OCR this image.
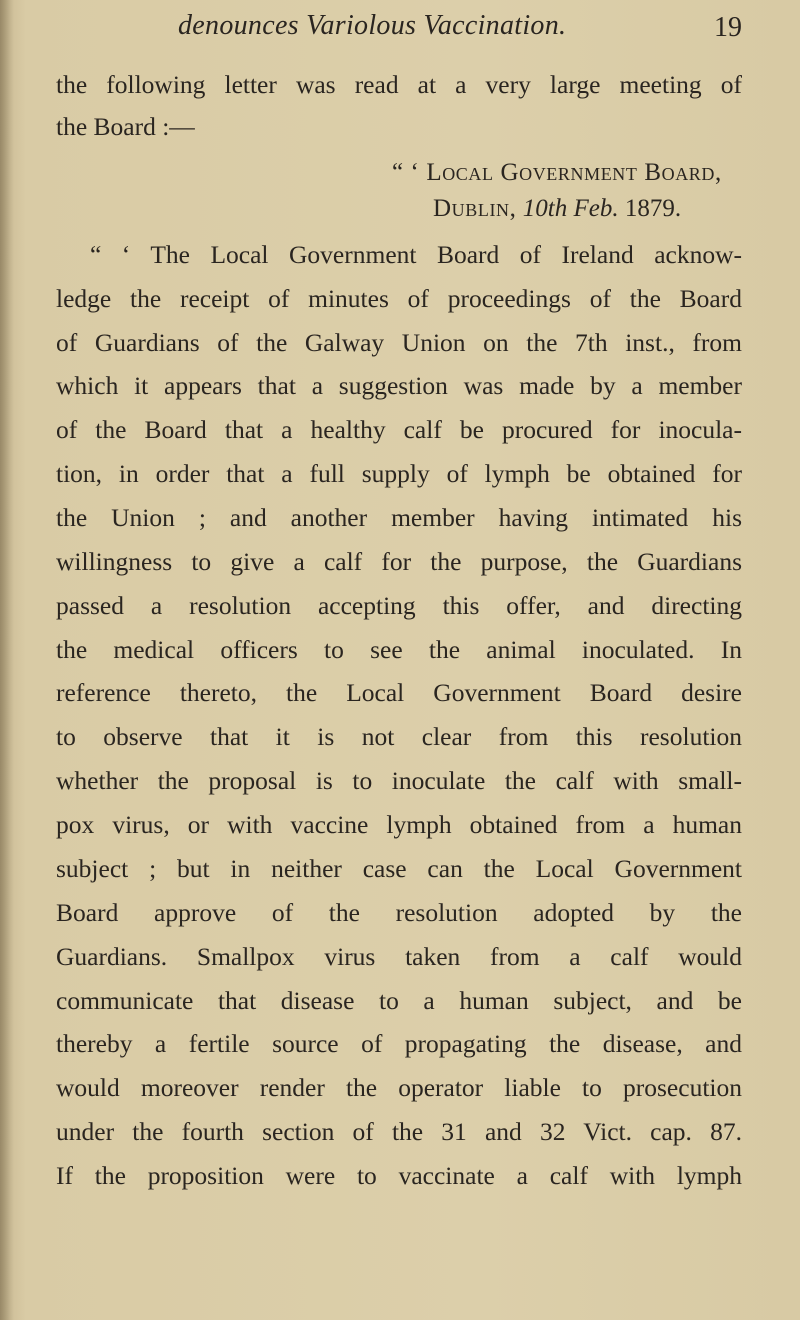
denounces Variolous Vaccination.	19
the following letter was read at a very large meeting of
the Board :—
“ ‘ Local Government Board,
Dublin, 10th Feb. 1879.
“ ‘ The Local Government Board of Ireland acknow-
ledge the receipt of minutes of proceedings of the Board
of Guardians of the Galway Union on the 7th inst., from
which it appears that a suggestion was made by a member
of the Board that a healthy calf be procured for inocula-
tion, in order that a full supply of lymph be obtained for
the Union ; and another member having intimated his
willingness to give a calf for the purpose, the Guardians
passed a resolution accepting this offer, and directing
the medical officers to see the animal inoculated. In
reference thereto, the Local Government Board desire
to observe that it is not clear from this resolution
whether the proposal is to inoculate the calf with small-
pox virus, or with vaccine lymph obtained from a human
subject ; but in neither case can the Local Government
Board approve of the resolution adopted by the
Guardians. Smallpox virus taken from a calf would
communicate that disease to a human subject, and be
thereby a fertile source of propagating the disease, and
would moreover render the operator liable to prosecution
under the fourth section of the 31 and 32 Vict. cap. 87.
If the proposition were to vaccinate a calf with lymph
